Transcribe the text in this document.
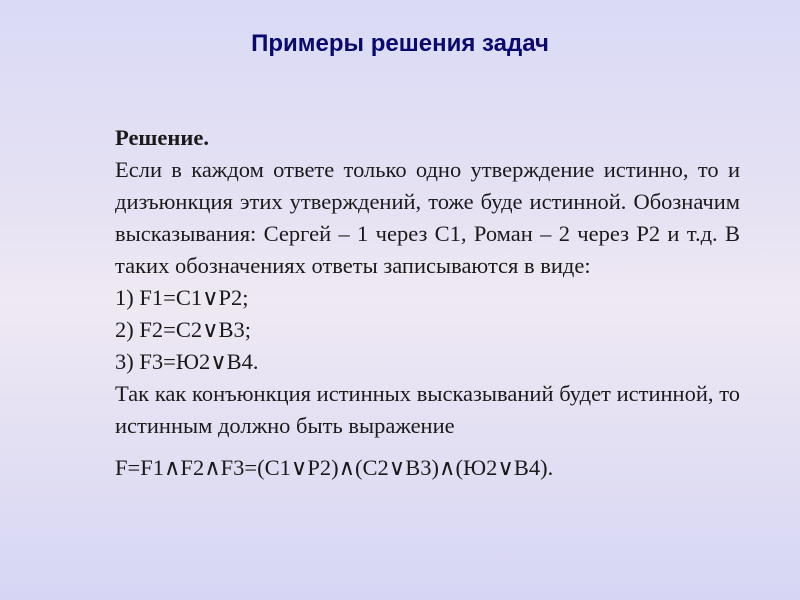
Примеры решения задач

Решение.

Если в каждом ответе только одно утверждение истинно, то и дизъюнкция этих утверждений, тоже буде истинной. Обозначим высказывания: Сергей – 1 через С1, Роман – 2 через Р2 и т.д. В таких обозначениях ответы записываются в виде:

1) F1=C1∨P2;

2) F2=C2∨B3;

3) F3=Ю2∨B4.

Так как конъюнкция истинных высказываний будет истинной, то истинным должно быть выражение

F=F1∧F2∧F3=(C1∨P2)∧(C2∨B3)∧(Ю2∨B4).
